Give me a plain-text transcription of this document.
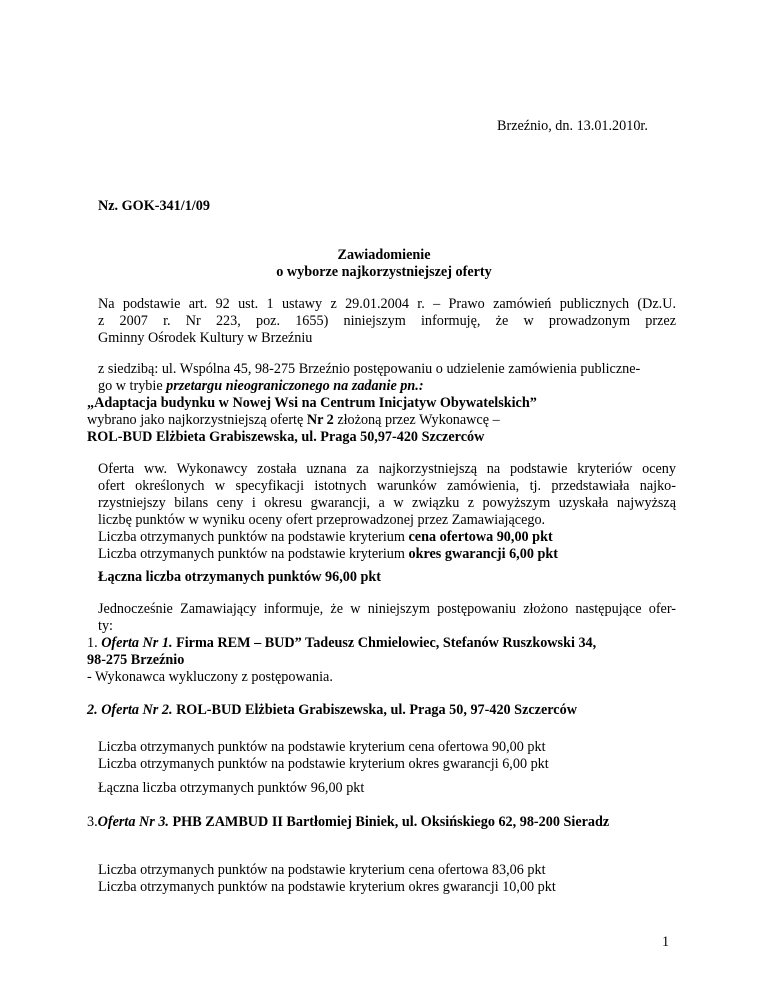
Brzeźnio, dn. 13.01.2010r.
Nz. GOK-341/1/09
Zawiadomienie
o wyborze najkorzystniejszej oferty
Na podstawie art. 92 ust. 1 ustawy z 29.01.2004 r. – Prawo zamówień publicznych (Dz.U.
z 2007 r. Nr 223, poz. 1655) niniejszym informuję, że w prowadzonym przez
Gminny Ośrodek Kultury w Brzeźniu
z siedzibą: ul. Wspólna 45, 98-275 Brzeźnio postępowaniu o udzielenie zamówienia publiczne-
go w trybie przetargu nieograniczonego na zadanie pn.:
„Adaptacja budynku w Nowej Wsi na Centrum Inicjatyw Obywatelskich”
wybrano jako najkorzystniejszą ofertę Nr 2 złożoną przez Wykonawcę –
ROL-BUD Elżbieta Grabiszewska, ul. Praga 50,97-420 Szczerców
Oferta ww. Wykonawcy została uznana za najkorzystniejszą na podstawie kryteriów oceny
ofert określonych w specyfikacji istotnych warunków zamówienia, tj. przedstawiała najko-
rzystniejszy bilans ceny i okresu gwarancji, a w związku z powyższym uzyskała najwyższą
liczbę punktów w wyniku oceny ofert przeprowadzonej przez Zamawiającego.
Liczba otrzymanych punktów na podstawie kryterium cena ofertowa 90,00 pkt
Liczba otrzymanych punktów na podstawie kryterium okres gwarancji 6,00 pkt
Łączna liczba otrzymanych punktów 96,00 pkt
Jednocześnie Zamawiający informuje, że w niniejszym postępowaniu złożono następujące ofer-
ty:
1. Oferta Nr 1. Firma REM – BUD” Tadeusz Chmielowiec, Stefanów Ruszkowski 34,
98-275 Brzeźnio
- Wykonawca wykluczony z postępowania.
2. Oferta Nr 2. ROL-BUD Elżbieta Grabiszewska, ul. Praga 50, 97-420 Szczerców
Liczba otrzymanych punktów na podstawie kryterium cena ofertowa 90,00 pkt
Liczba otrzymanych punktów na podstawie kryterium okres gwarancji 6,00 pkt
Łączna liczba otrzymanych punktów 96,00 pkt
3.Oferta Nr 3. PHB ZAMBUD II Bartłomiej Biniek, ul. Oksińskiego 62, 98-200 Sieradz
Liczba otrzymanych punktów na podstawie kryterium cena ofertowa 83,06 pkt
Liczba otrzymanych punktów na podstawie kryterium okres gwarancji 10,00 pkt
1
